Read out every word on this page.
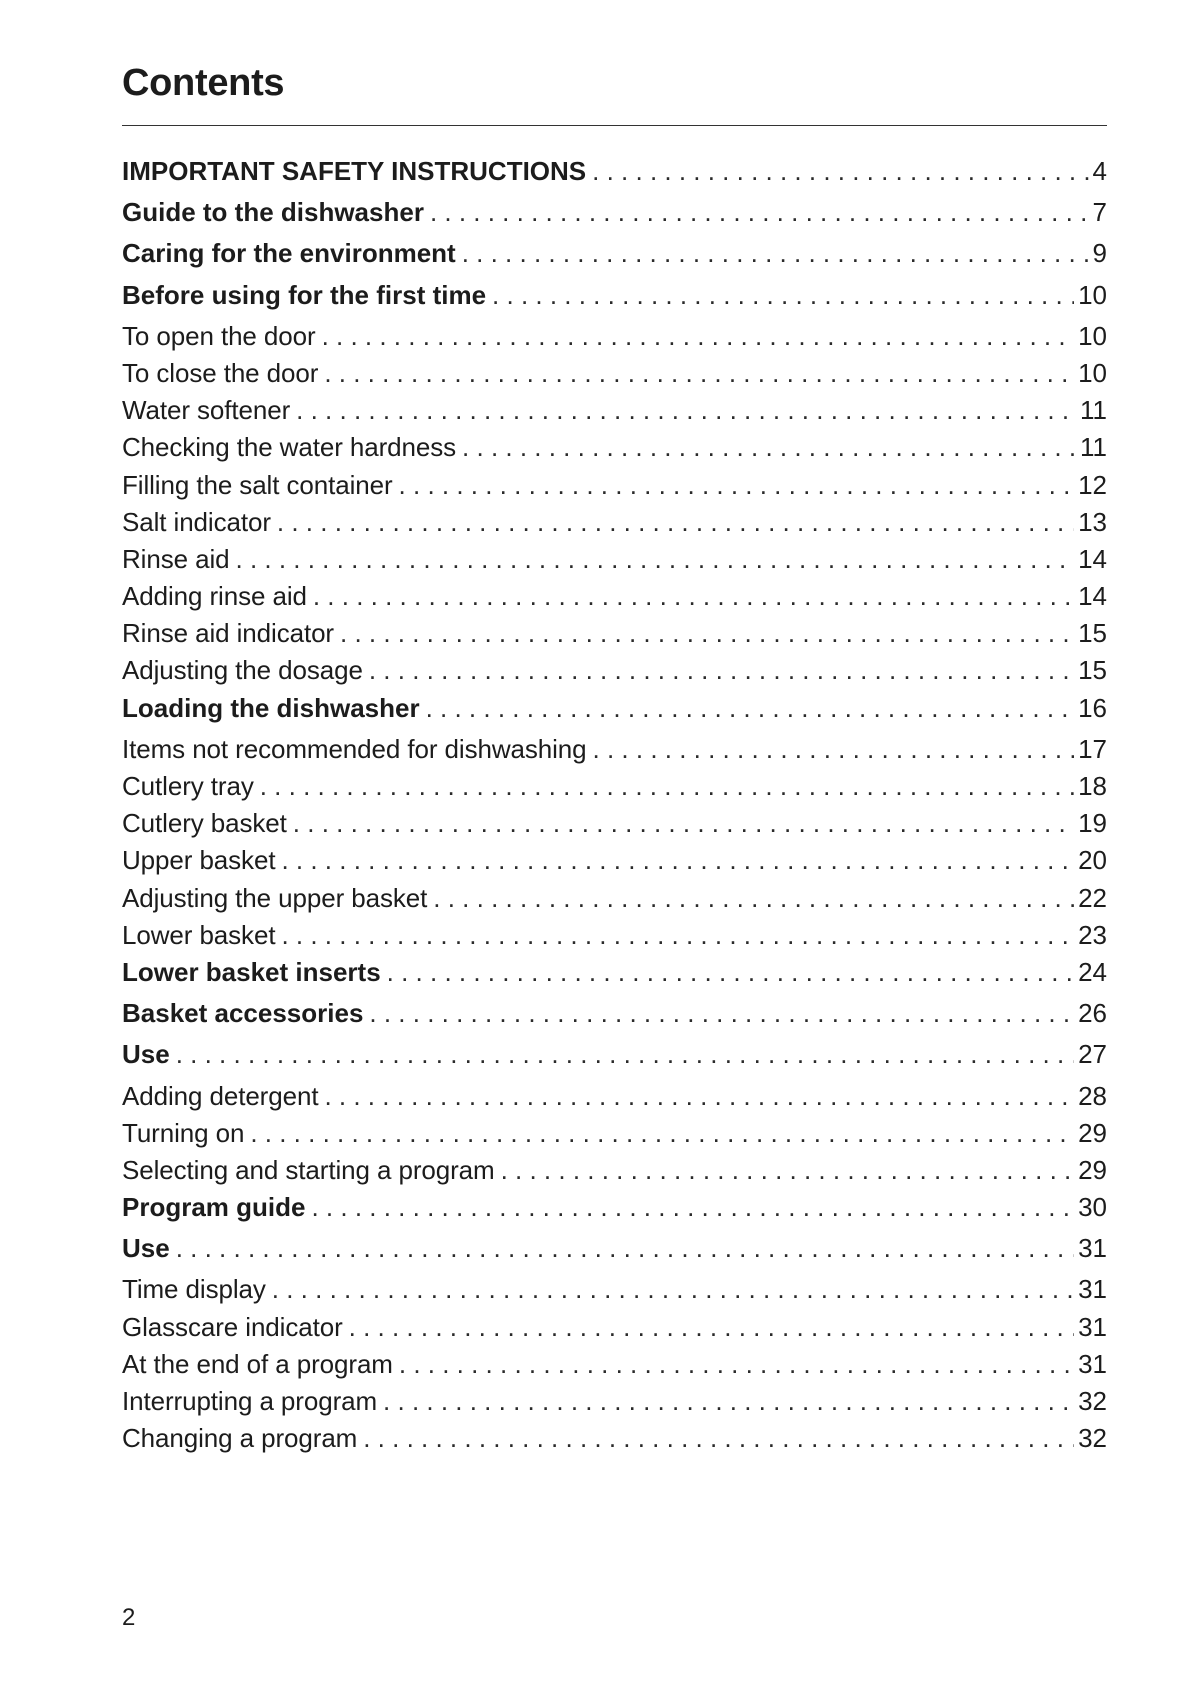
Contents
IMPORTANT SAFETY INSTRUCTIONS . . .	4
Guide to the dishwasher . . .	7
Caring for the environment . . .	9
Before using for the first time . . .	10
To open the door . . .	10
To close the door . . .	10
Water softener . . .	11
Checking the water hardness . . .	11
Filling the salt container . . .	12
Salt indicator . . .	13
Rinse aid . . .	14
Adding rinse aid . . .	14
Rinse aid indicator . . .	15
Adjusting the dosage . . .	15
Loading the dishwasher . . .	16
Items not recommended for dishwashing . . .	17
Cutlery tray . . .	18
Cutlery basket . . .	19
Upper basket . . .	20
Adjusting the upper basket . . .	22
Lower basket . . .	23
Lower basket inserts . . .	24
Basket accessories . . .	26
Use . . .	27
Adding detergent . . .	28
Turning on . . .	29
Selecting and starting a program . . .	29
Program guide . . .	30
Use . . .	31
Time display . . .	31
Glasscare indicator . . .	31
At the end of a program . . .	31
Interrupting a program . . .	32
Changing a program . . .	32
2
